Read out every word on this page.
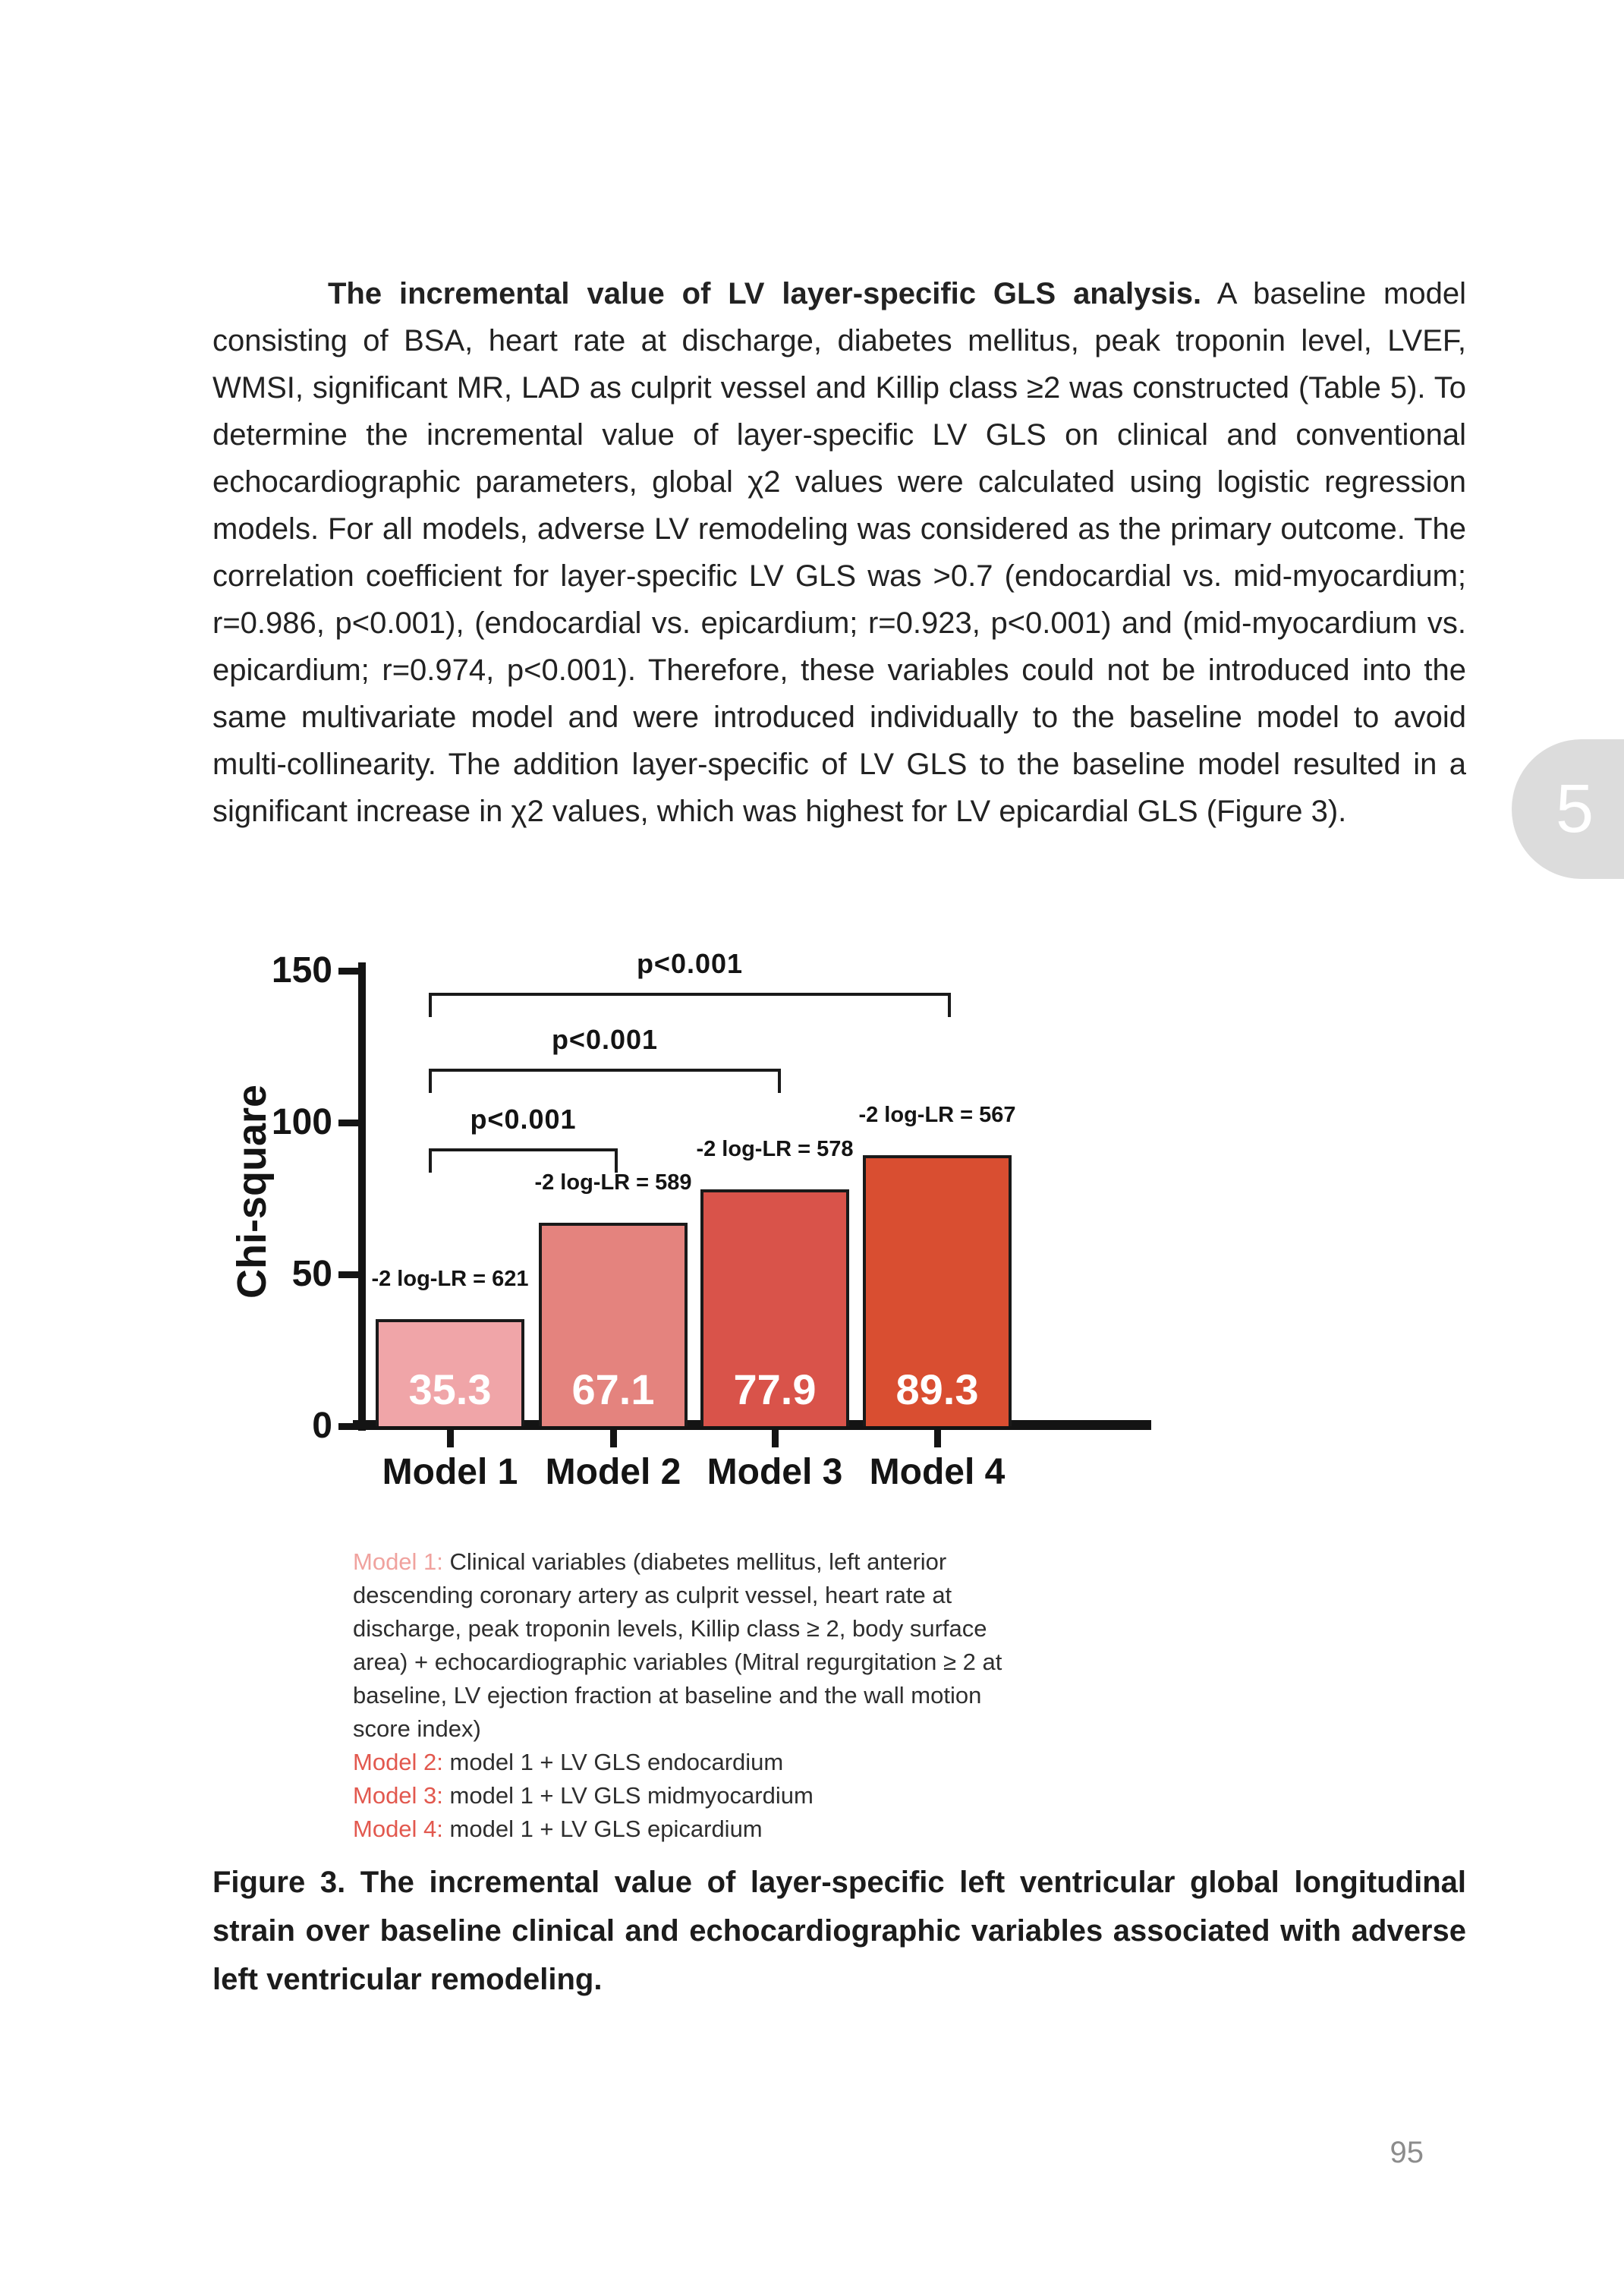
The incremental value of LV layer-specific GLS analysis. A baseline model consisting of BSA, heart rate at discharge, diabetes mellitus, peak troponin level, LVEF, WMSI, significant MR, LAD as culprit vessel and Killip class ≥2 was constructed (Table 5). To determine the incremental value of layer-specific LV GLS on clinical and conventional echocardiographic parameters, global χ2 values were calculated using logistic regression models. For all models, adverse LV remodeling was considered as the primary outcome. The correlation coefficient for layer-specific LV GLS was >0.7 (endocardial vs. mid-myocardium; r=0.986, p<0.001), (endocardial vs. epicardium; r=0.923, p<0.001) and (mid-myocardium vs. epicardium; r=0.974, p<0.001). Therefore, these variables could not be introduced into the same multivariate model and were introduced individually to the baseline model to avoid multi-collinearity. The addition layer-specific of LV GLS to the baseline model resulted in a significant increase in χ2 values, which was highest for LV epicardial GLS (Figure 3).	5
Chi-square
0
50
100
150
35.3
-2 log-LR = 621
Model 1
67.1
-2 log-LR = 589
Model 2
77.9
-2 log-LR = 578
Model 3
89.3
-2 log-LR = 567
Model 4
p<0.001
p<0.001
p<0.001
Model 1: Clinical variables (diabetes mellitus, left anterior descending coronary artery as culprit vessel, heart rate at discharge, peak troponin levels, Killip class ≥ 2, body surface area) + echocardiographic variables (Mitral regurgitation ≥ 2 at baseline, LV ejection fraction at baseline and the wall motion score index)
Model 2: model 1 + LV GLS endocardium
Model 3: model 1 + LV GLS midmyocardium
Model 4: model 1 + LV GLS epicardium

Figure 3. The incremental value of layer-specific left ventricular global longitudinal strain over baseline clinical and echocardiographic variables associated with adverse left ventricular remodeling.

95
